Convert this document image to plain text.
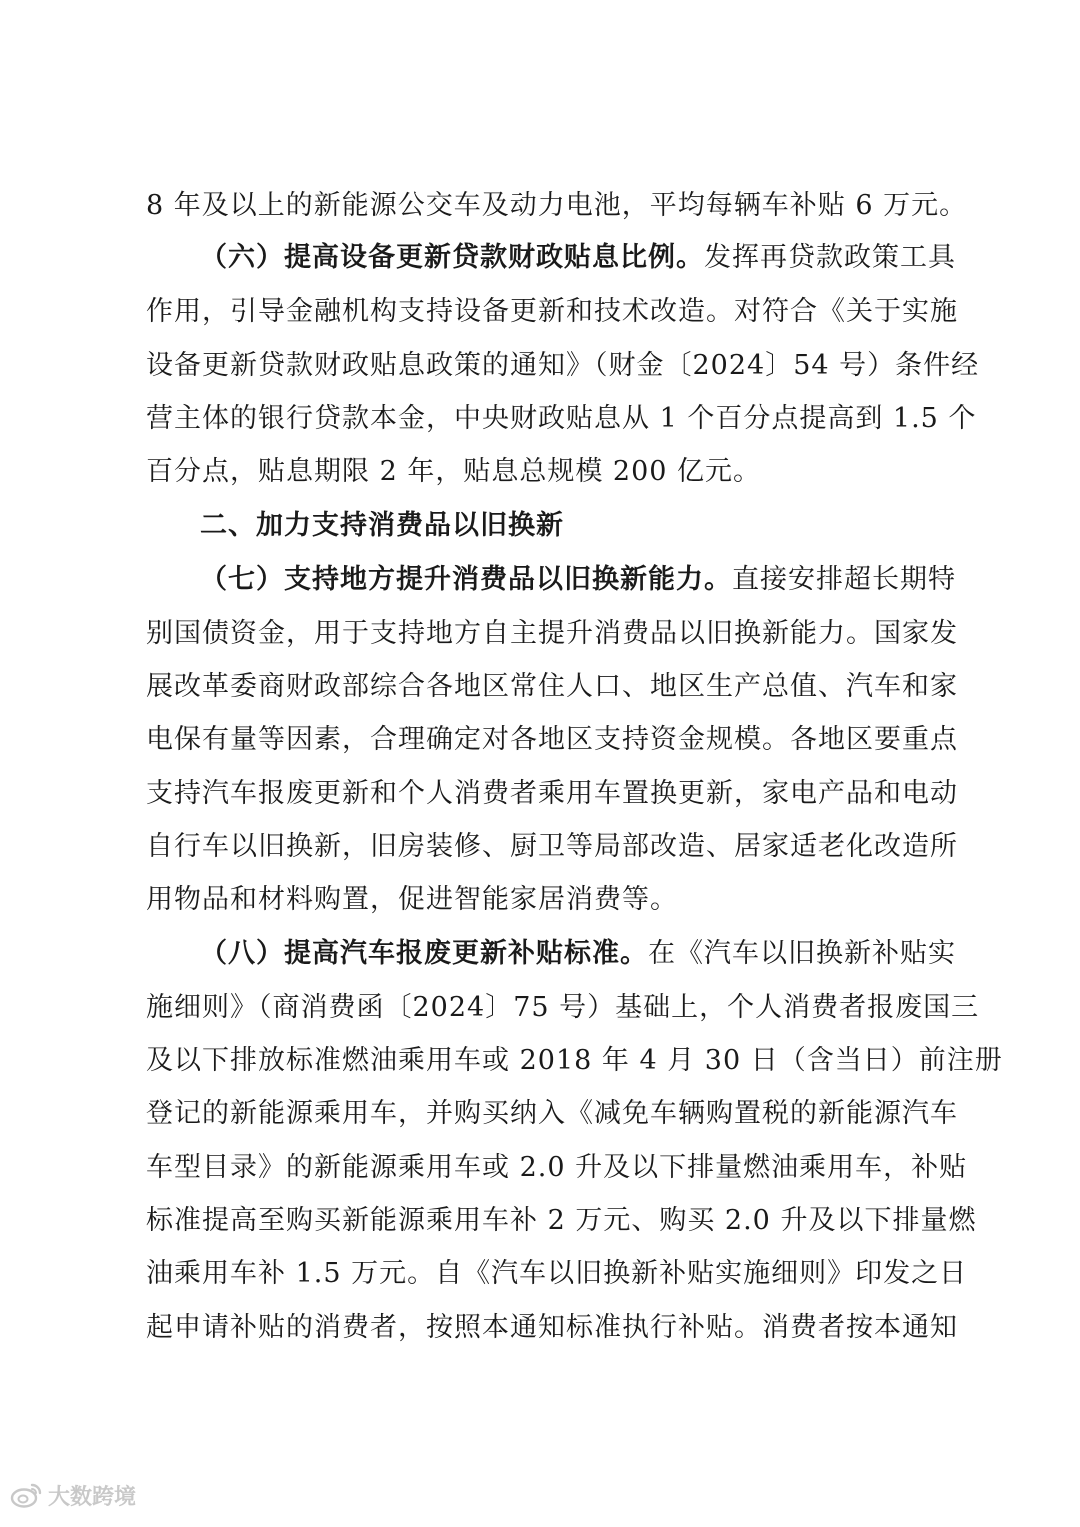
8 年及以上的新能源公交车及动力电池，平均每辆车补贴 6 万元。
（六）提高设备更新贷款财政贴息比例。发挥再贷款政策工具
作用，引导金融机构支持设备更新和技术改造。对符合《关于实施
设备更新贷款财政贴息政策的通知》（财金〔2024〕54 号）条件经
营主体的银行贷款本金，中央财政贴息从 1 个百分点提高到 1.5 个
百分点，贴息期限 2 年，贴息总规模 200 亿元。
二、加力支持消费品以旧换新
（七）支持地方提升消费品以旧换新能力。直接安排超长期特
别国债资金，用于支持地方自主提升消费品以旧换新能力。国家发
展改革委商财政部综合各地区常住人口、地区生产总值、汽车和家
电保有量等因素，合理确定对各地区支持资金规模。各地区要重点
支持汽车报废更新和个人消费者乘用车置换更新，家电产品和电动
自行车以旧换新，旧房装修、厨卫等局部改造、居家适老化改造所
用物品和材料购置，促进智能家居消费等。
（八）提高汽车报废更新补贴标准。在《汽车以旧换新补贴实
施细则》（商消费函〔2024〕75 号）基础上，个人消费者报废国三
及以下排放标准燃油乘用车或 2018 年 4 月 30 日（含当日）前注册
登记的新能源乘用车，并购买纳入《减免车辆购置税的新能源汽车
车型目录》的新能源乘用车或 2.0 升及以下排量燃油乘用车，补贴
标准提高至购买新能源乘用车补 2 万元、购买 2.0 升及以下排量燃
油乘用车补 1.5 万元。自《汽车以旧换新补贴实施细则》印发之日
起申请补贴的消费者，按照本通知标准执行补贴。消费者按本通知
大数跨境
